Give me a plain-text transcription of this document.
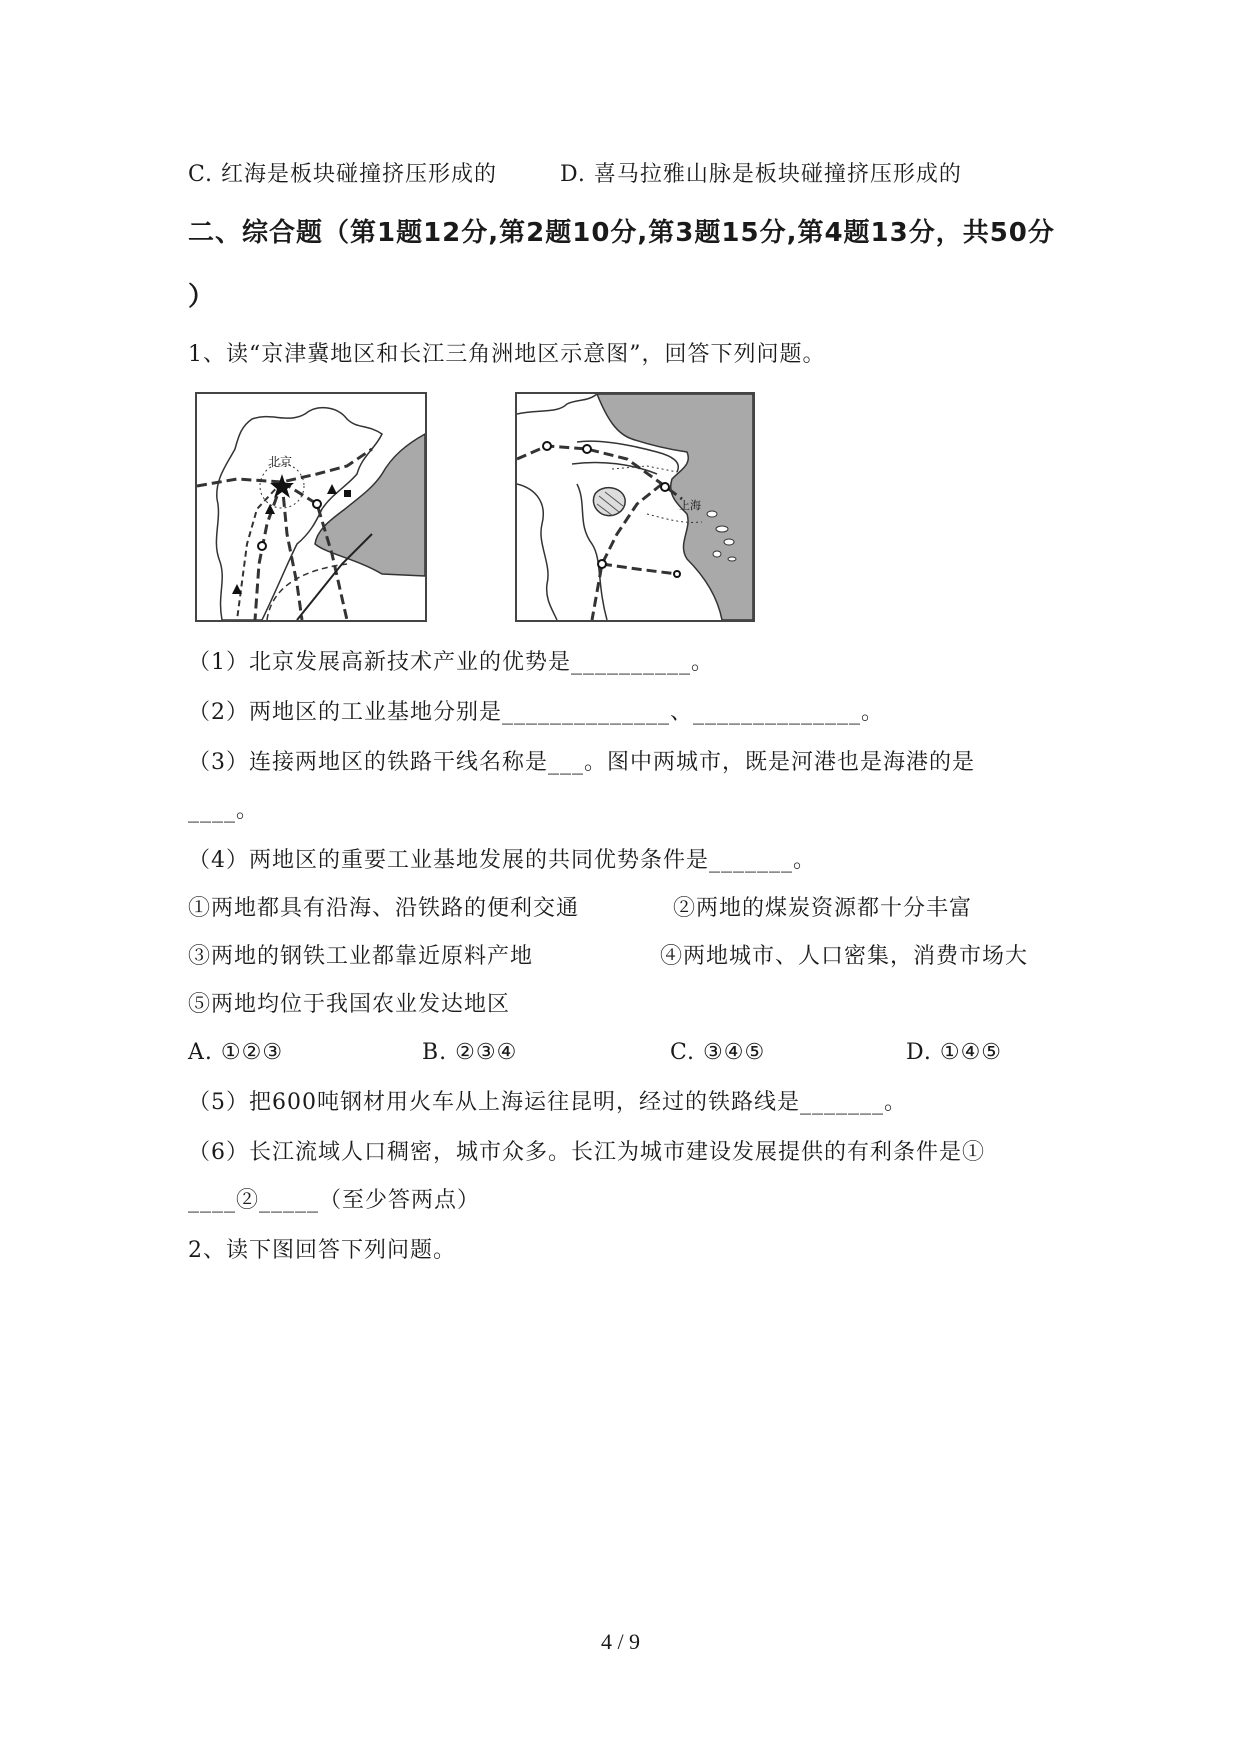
C. 红海是板块碰撞挤压形成的	D. 喜马拉雅山脉是板块碰撞挤压形成的
二、综合题（第1题12分,第2题10分,第3题15分,第4题13分，共50分
）
1、读“京津冀地区和长江三角洲地区示意图”，回答下列问题。
北京
上海
（1）北京发展高新技术产业的优势是__________。
（2）两地区的工业基地分别是______________、______________。
（3）连接两地区的铁路干线名称是___。图中两城市，既是河港也是海港的是
____。
（4）两地区的重要工业基地发展的共同优势条件是_______。
①两地都具有沿海、沿铁路的便利交通	②两地的煤炭资源都十分丰富
③两地的钢铁工业都靠近原料产地	④两地城市、人口密集，消费市场大
⑤两地均位于我国农业发达地区
A. ①②③	B. ②③④	C. ③④⑤	D. ①④⑤
（5）把600吨钢材用火车从上海运往昆明，经过的铁路线是_______。
（6）长江流域人口稠密，城市众多。长江为城市建设发展提供的有利条件是①
____②_____（至少答两点）
2、读下图回答下列问题。
4 / 9
